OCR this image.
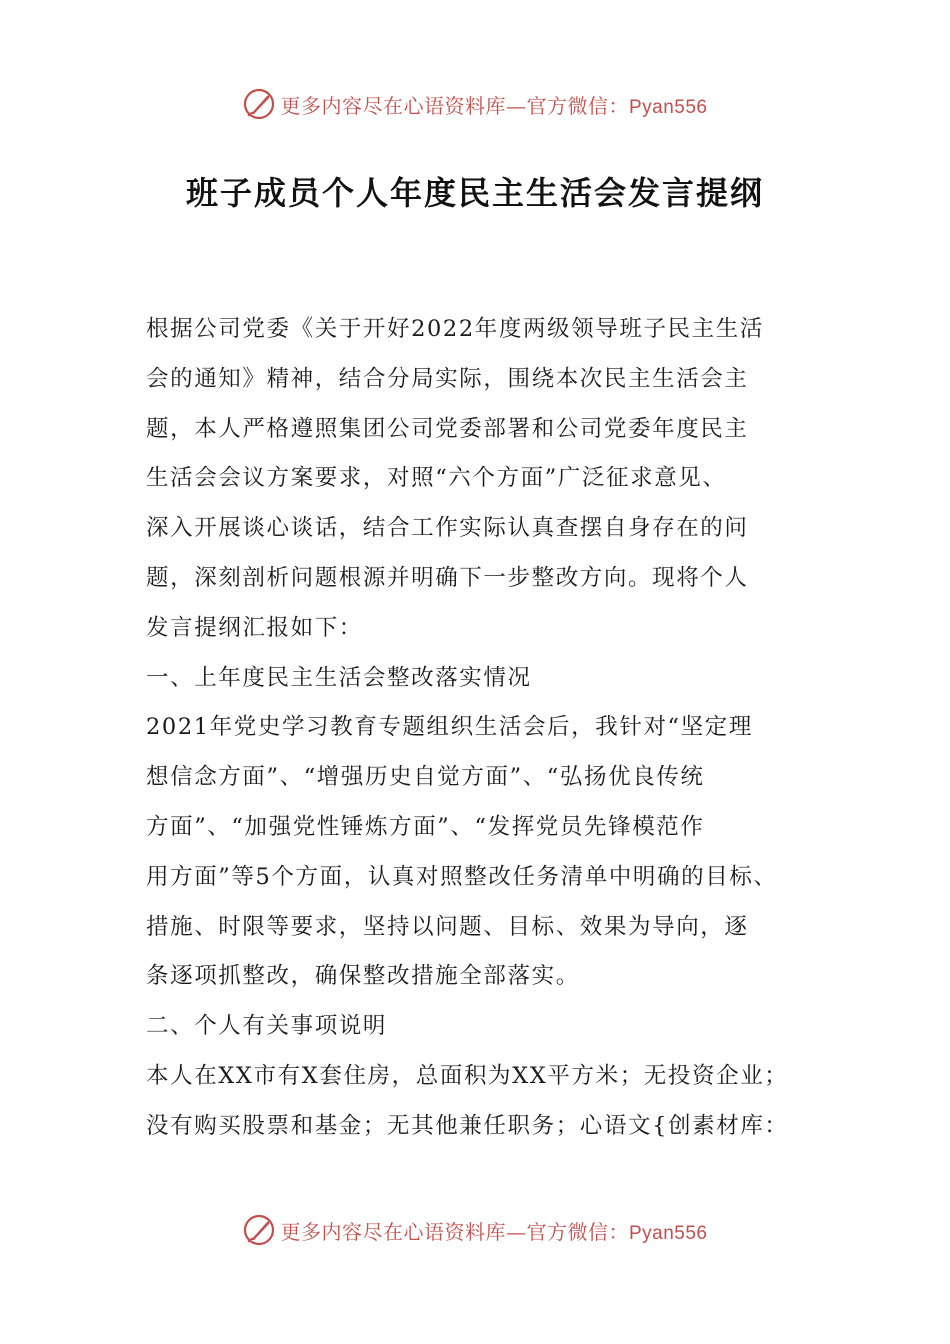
更多内容尽在心语资料库—官方微信：Pyan556
班子成员个人年度民主生活会发言提纲
根据公司党委《关于开好2022年度两级领导班子民主生活
会的通知》精神，结合分局实际，围绕本次民主生活会主
题，本人严格遵照集团公司党委部署和公司党委年度民主
生活会会议方案要求，对照“六个方面”广泛征求意见、
深入开展谈心谈话，结合工作实际认真查摆自身存在的问
题，深刻剖析问题根源并明确下一步整改方向。现将个人
发言提纲汇报如下：
一、上年度民主生活会整改落实情况
2021年党史学习教育专题组织生活会后，我针对“坚定理
想信念方面”、“增强历史自觉方面”、“弘扬优良传统
方面”、“加强党性锤炼方面”、“发挥党员先锋模范作
用方面”等5个方面，认真对照整改任务清单中明确的目标、
措施、时限等要求，坚持以问题、目标、效果为导向，逐
条逐项抓整改，确保整改措施全部落实。
二、个人有关事项说明
本人在XX市有X套住房，总面积为XX平方米；无投资企业；
没有购买股票和基金；无其他兼任职务；心语文{创素材库：
更多内容尽在心语资料库—官方微信：Pyan556
